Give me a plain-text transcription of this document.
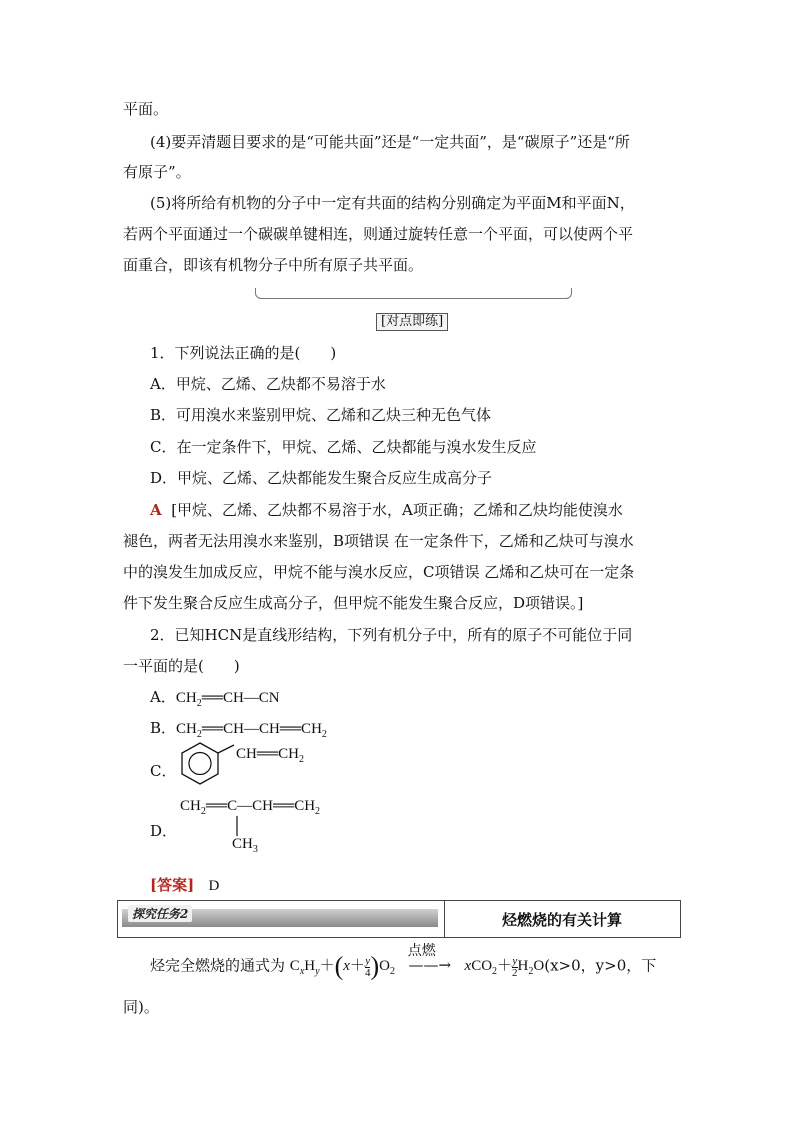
平面。
(4)要弄清题目要求的是“可能共面”还是“一定共面”，是“碳原子”还是“所
有原子”。
(5)将所给有机物的分子中一定有共面的结构分别确定为平面M和平面N，
若两个平面通过一个碳碳单键相连，则通过旋转任意一个平面，可以使两个平
面重合，即该有机物分子中所有原子共平面。
[对点即练]
1．下列说法正确的是(　　)
A．甲烷、乙烯、乙炔都不易溶于水
B．可用溴水来鉴别甲烷、乙烯和乙炔三种无色气体
C．在一定条件下，甲烷、乙烯、乙炔都能与溴水发生反应
D．甲烷、乙烯、乙炔都能发生聚合反应生成高分子
A [甲烷、乙烯、乙炔都不易溶于水，A项正确；乙烯和乙炔均能使溴水
褪色，两者无法用溴水来鉴别，B项错误 在一定条件下，乙烯和乙炔可与溴水
中的溴发生加成反应，甲烷不能与溴水反应，C项错误 乙烯和乙炔可在一定条
件下发生聚合反应生成高分子，但甲烷不能发生聚合反应，D项错误。]
2．已知HCN是直线形结构，下列有机分子中，所有的原子不可能位于同
一平面的是(　　)
A．$CH_2══CH—CN$
B．$CH_2══CH—CH══CH_2$
C．
$CH══CH_2$
D．
$CH_2══C—CH══CH_2$
$CH_3$
[答案] D
探究任务2	烃燃烧的有关计算
烃完全燃烧的通式为 $C_xH_y+(x+ \frac{y}{4} )O_2$
点燃
——→ $xCO_2+ \frac{y}{2} H_2O(x>0$，y>0，下
同)。
